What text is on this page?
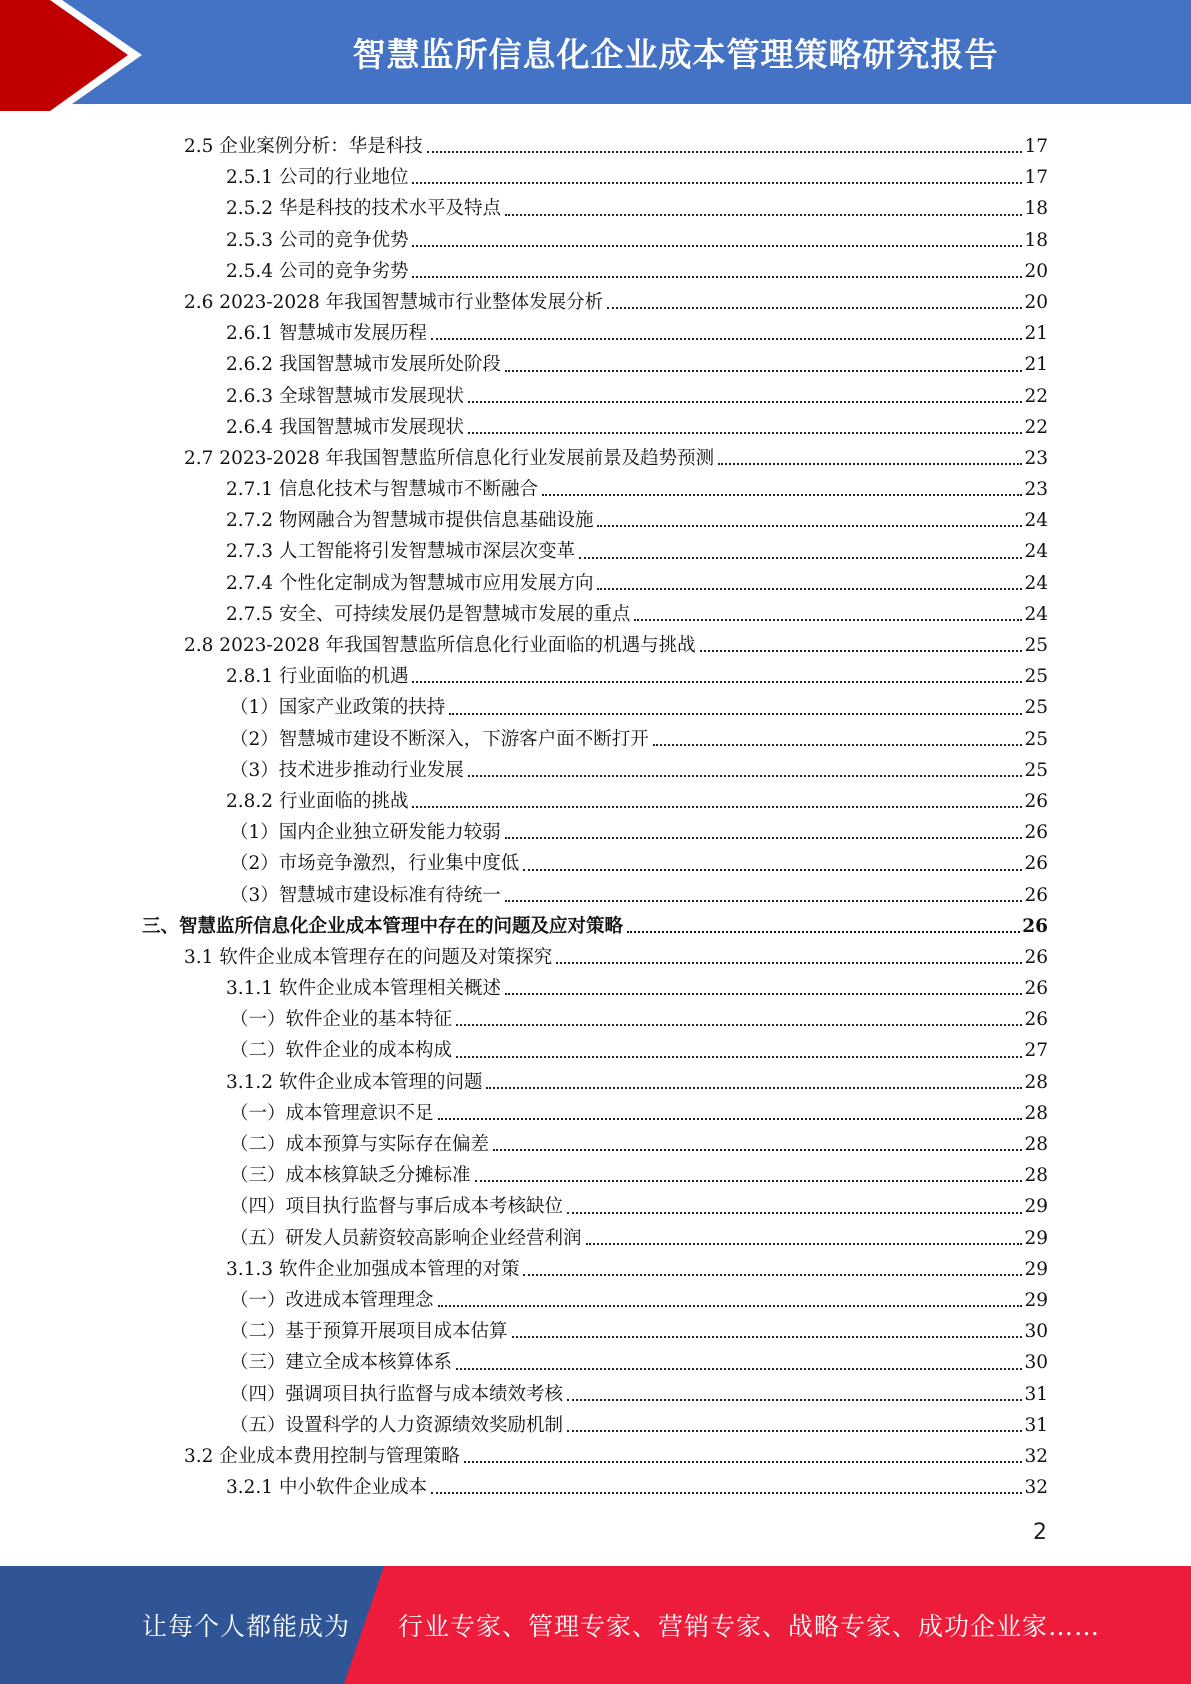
智慧监所信息化企业成本管理策略研究报告
2.5 企业案例分析：华是科技	17
2.5.1 公司的行业地位	17
2.5.2 华是科技的技术水平及特点	18
2.5.3 公司的竞争优势	18
2.5.4 公司的竞争劣势	20
2.6 2023-2028 年我国智慧城市行业整体发展分析	20
2.6.1 智慧城市发展历程	21
2.6.2 我国智慧城市发展所处阶段	21
2.6.3 全球智慧城市发展现状	22
2.6.4 我国智慧城市发展现状	22
2.7 2023-2028 年我国智慧监所信息化行业发展前景及趋势预测	23
2.7.1 信息化技术与智慧城市不断融合	23
2.7.2 物网融合为智慧城市提供信息基础设施	24
2.7.3 人工智能将引发智慧城市深层次变革	24
2.7.4 个性化定制成为智慧城市应用发展方向	24
2.7.5 安全、可持续发展仍是智慧城市发展的重点	24
2.8 2023-2028 年我国智慧监所信息化行业面临的机遇与挑战	25
2.8.1 行业面临的机遇	25
（1）国家产业政策的扶持	25
（2）智慧城市建设不断深入，下游客户面不断打开	25
（3）技术进步推动行业发展	25
2.8.2 行业面临的挑战	26
（1）国内企业独立研发能力较弱	26
（2）市场竞争激烈，行业集中度低	26
（3）智慧城市建设标准有待统一	26
三、智慧监所信息化企业成本管理中存在的问题及应对策略	26
3.1 软件企业成本管理存在的问题及对策探究	26
3.1.1 软件企业成本管理相关概述	26
（一）软件企业的基本特征	26
（二）软件企业的成本构成	27
3.1.2 软件企业成本管理的问题	28
（一）成本管理意识不足	28
（二）成本预算与实际存在偏差	28
（三）成本核算缺乏分摊标准	28
（四）项目执行监督与事后成本考核缺位	29
（五）研发人员薪资较高影响企业经营利润	29
3.1.3 软件企业加强成本管理的对策	29
（一）改进成本管理理念	29
（二）基于预算开展项目成本估算	30
（三）建立全成本核算体系	30
（四）强调项目执行监督与成本绩效考核	31
（五）设置科学的人力资源绩效奖励机制	31
3.2 企业成本费用控制与管理策略	32
3.2.1 中小软件企业成本	32
2
让每个人都能成为 行业专家、管理专家、营销专家、战略专家、成功企业家……
